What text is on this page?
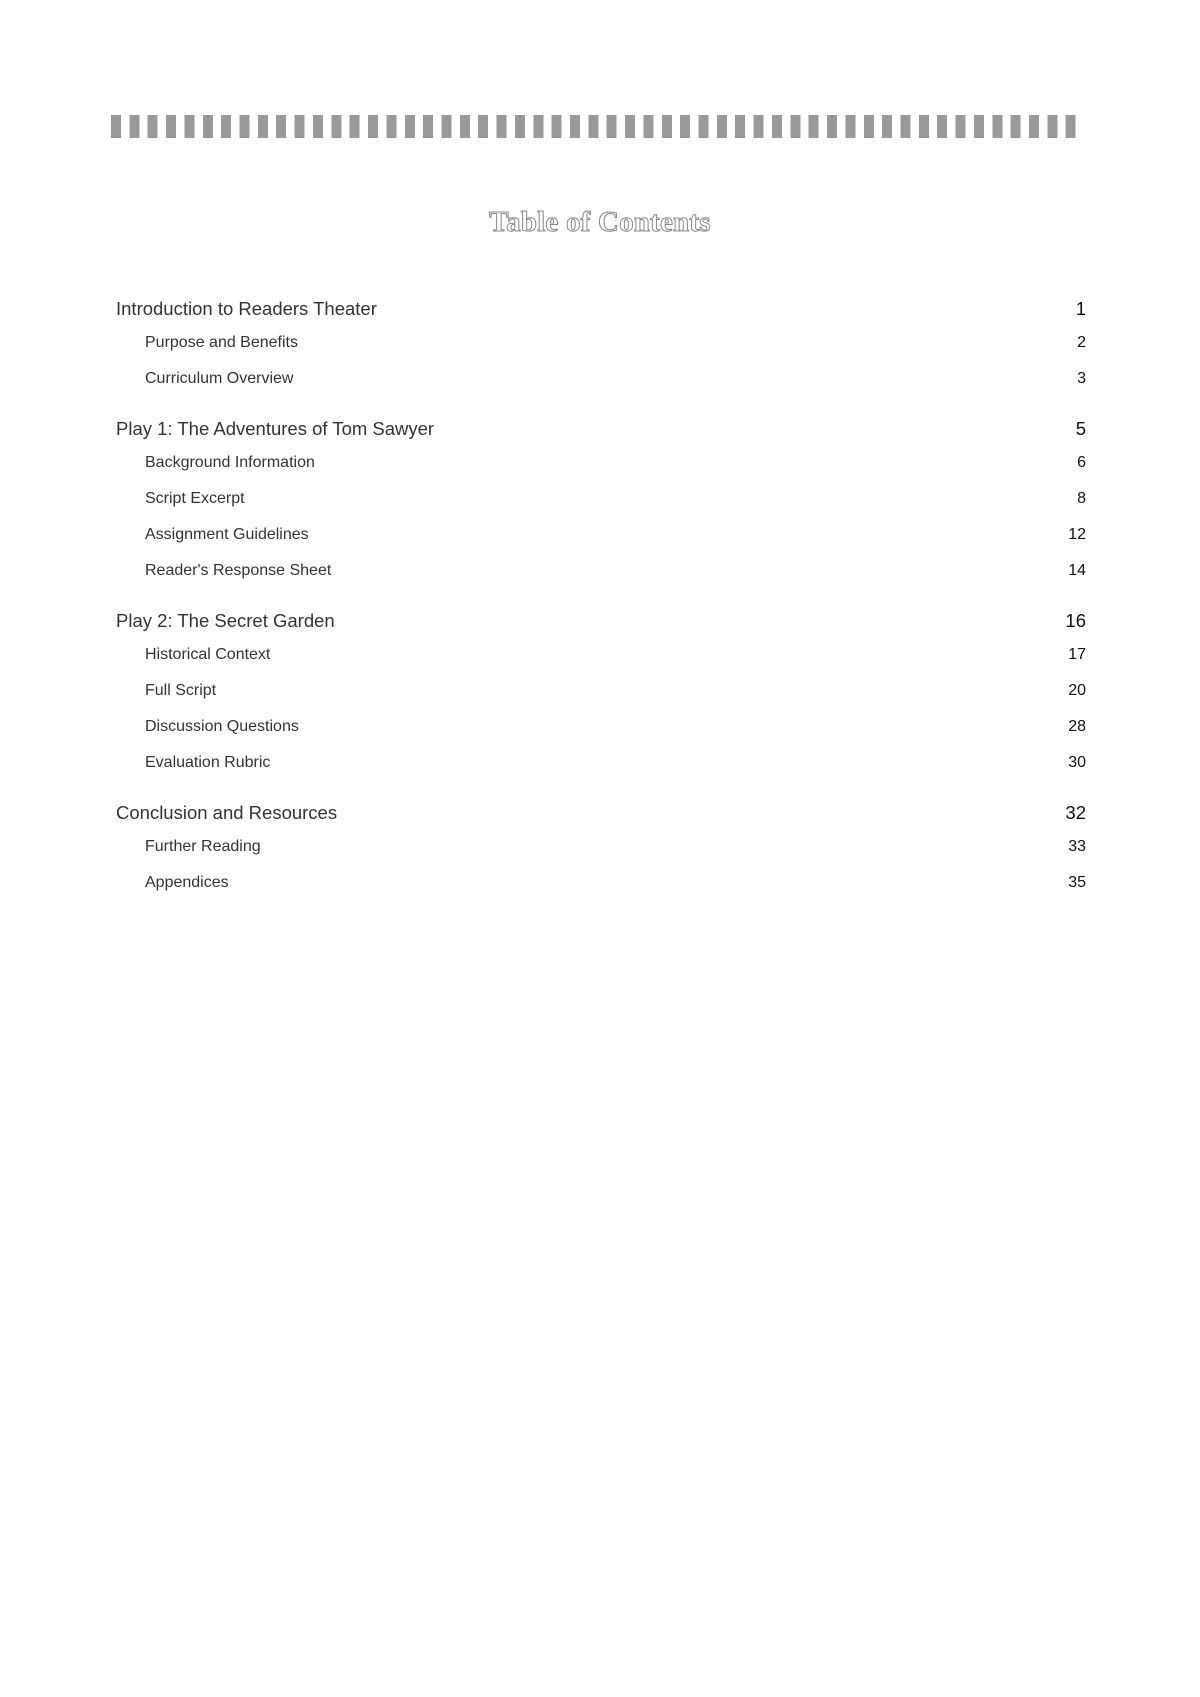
Table of Contents
Introduction to Readers Theater	1
Purpose and Benefits	2
Curriculum Overview	3
Play 1: The Adventures of Tom Sawyer	5
Background Information	6
Script Excerpt	8
Assignment Guidelines	12
Reader's Response Sheet	14
Play 2: The Secret Garden	16
Historical Context	17
Full Script	20
Discussion Questions	28
Evaluation Rubric	30
Conclusion and Resources	32
Further Reading	33
Appendices	35
